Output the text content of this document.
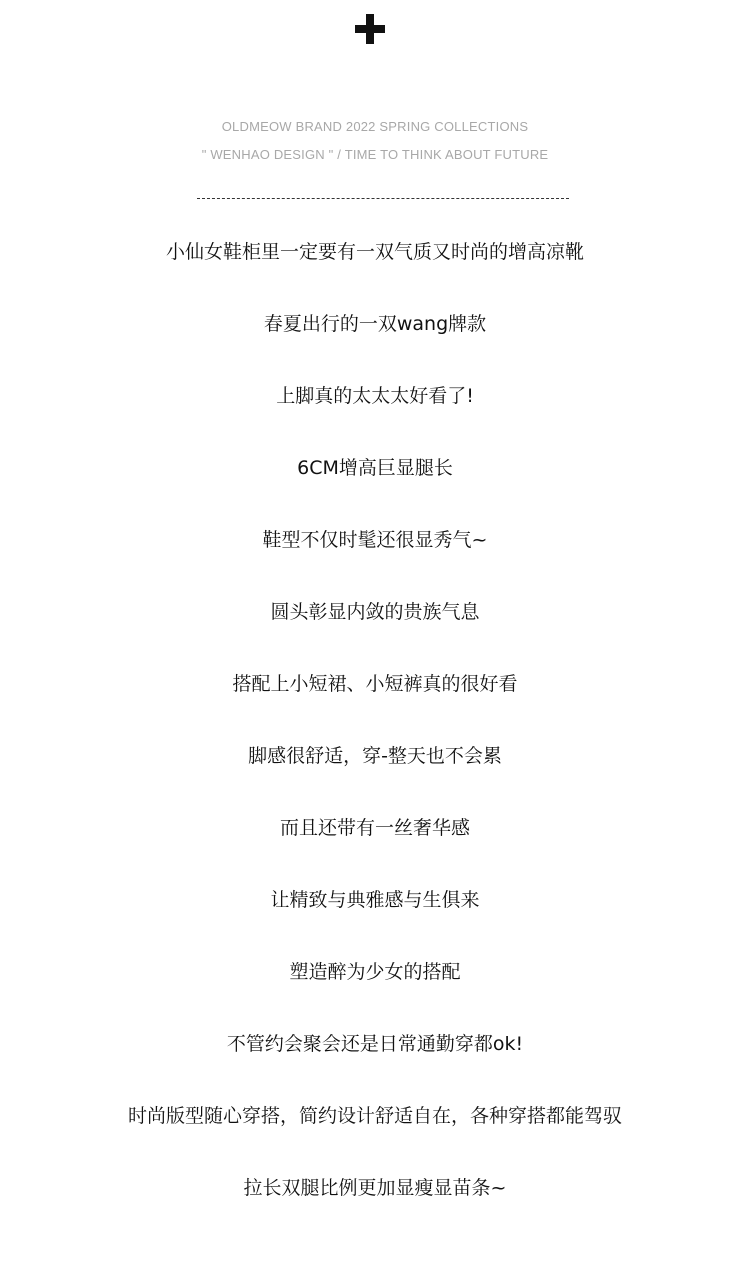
OLDMEOW BRAND 2022 SPRING COLLECTIONS
" WENHAO DESIGN " / TIME TO THINK ABOUT FUTURE
小仙女鞋柜里一定要有一双气质又时尚的增高凉靴
春夏出行的一双wang牌款
上脚真的太太太好看了!
6CM增高巨显腿长
鞋型不仅时髦还很显秀气~
圆头彰显内敛的贵族气息
搭配上小短裙、小短裤真的很好看
脚感很舒适，穿-整天也不会累
而且还带有一丝奢华感
让精致与典雅感与生俱来
塑造醉为少女的搭配
不管约会聚会还是日常通勤穿都ok!
时尚版型随心穿搭，简约设计舒适自在，各种穿搭都能驾驭
拉长双腿比例更加显瘦显苗条~
